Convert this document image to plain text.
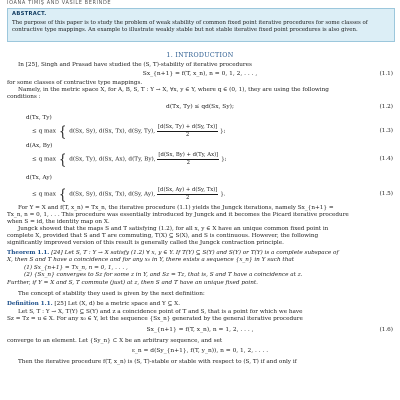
IOANA TIMIŞ AND VASILE BERINDE
ABSTRACT.
The purpose of this paper is to study the problem of weak stability of common fixed point iterative procedures for some classes of contractive type mappings. An example to illustrate weakly stable but not stable iterative fixed point procedures is also given.
1. INTRODUCTION
In [25], Singh and Prasad have studied the (S, T)-stability of iterative procedures
Sx_{n+1} = f(T, x_n), n = 0, 1, 2, . . . ,	(1.1)
for some classes of contractive type mappings.
Namely, in the metric space X, for A, B, S, T : Y → X, ∀x, y ∈ Y, where q ∈ (0, 1), they are using the following
conditions :
d(Tx, Ty) ≤ qd(Sx, Sy);	(1.2)
d(Tx, Ty)
≤ q max { d(Sx, Sy), d(Sx, Tx), d(Sy, Ty), $\frac{[d(Sx, Ty) + d(Sy, Tx)]}{2}$ };	(1.3)
d(Ax, By)
≤ q max { d(Sx, Ty), d(Sx, Ax), d(Ty, By), $\frac{[d(Sx, By) + d(Ty, Ax)]}{2}$ };	(1.4)
d(Tx, Ay)
≤ q max { d(Sx, Sy), d(Sx, Tx), d(Sy, Ay), $\frac{[d(Sx, Ay) + d(Sy, Tx)]}{2}$ }.	(1.5)
For Y = X and f(T, x_n) = Tx_n, the iterative procedure (1.1) yields the Jungck iterations, namely Sx_{n+1} =
Tx_n, n = 0, 1, . . . This procedure was essentially introduced by Jungck and it becomes the Picard iterative procedure
when S = id, the identity map on X.
Jungck showed that the maps S and T satisfying (1.2), for all x, y ∈ X have an unique common fixed point in
complete X, provided that S and T are commuting, T(X) ⊆ S(X), and S is continuous. However, the following
significantly improved version of this result is generally called the Jungck contraction principle.
Theorem 1.1. [24] Let S, T : Y → X satisfy (1.2) ∀ x, y ∈ Y. If T(Y) ⊆ S(Y) and S(Y) or T(Y) is a complete subspace of
X, then S and T have a coincidence and for any x₀ in Y, there exists a sequence {x_n} in Y such that
(1) Sx_{n+1} = Tx_n, n = 0, 1, . . . ,
(2) {Sx_n} converges to Sz for some z in Y, and Sz = Tz, that is, S and T have a coincidence at z.
Further, if Y = X and S, T commute (just) at z, then S and T have an unique fixed point.
The concept of stability they used is given by the next definition:
Definition 1.1. [25] Let (X, d) be a metric space and Y ⊆ X.
Let S, T : Y → X, T(Y) ⊆ S(Y) and z a coincidence point of T and S, that is a point for which we have
Sz = Tz = u ∈ X. For any x₀ ∈ Y, let the sequence {Sx_n} generated by the general iterative procedure
Sx_{n+1} = f(T, x_n), n = 1, 2, . . . ,	(1.6)
converge to an element. Let {Sy_n} ⊂ X be an arbitrary sequence, and set
ε_n = d(Sy_{n+1}, f(T, y_n)), n = 0, 1, 2, . . . .
Then the iterative procedure f(T, x_n) is (S, T)-stable or stable with respect to (S, T) if and only if
